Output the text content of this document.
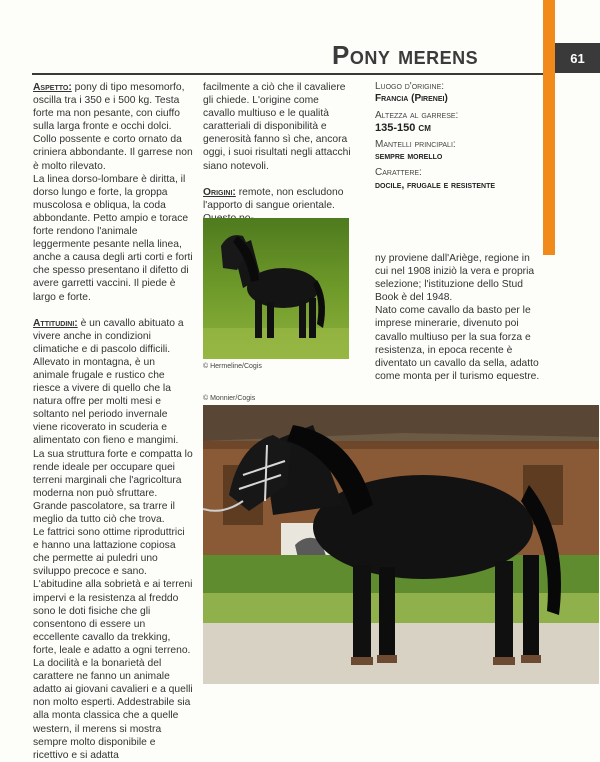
61
Pony merens

Aspetto: pony di tipo mesomorfo, oscilla tra i 350 e i 500 kg. Testa forte ma non pesante, con ciuffo sulla larga fronte e occhi dolci. Collo possente e corto ornato da criniera abbondante. Il garrese non è molto rilevato.

La linea dorso-lombare è diritta, il dorso lungo e forte, la groppa muscolosa e obliqua, la coda abbondante. Petto ampio e torace forte rendono l'animale leggermente pesante nella linea, anche a causa degli arti corti e forti che spesso presentano il difetto di avere garretti vaccini. Il piede è largo e forte.

Attitudini: è un cavallo abituato a vivere anche in condizioni climatiche e di pascolo difficili. Allevato in montagna, è un animale frugale e rustico che riesce a vivere di quello che la natura offre per molti mesi e soltanto nel periodo invernale viene ricoverato in scuderia e alimentato con fieno e mangimi.

La sua struttura forte e compatta lo rende ideale per occupare quei terreni marginali che l'agricoltura moderna non può sfruttare. Grande pascolatore, sa trarre il meglio da tutto ciò che trova.

Le fattrici sono ottime riproduttrici e hanno una lattazione copiosa che permette ai puledri uno sviluppo precoce e sano. L'abitudine alla sobrietà e ai terreni impervi e la resistenza al freddo sono le doti fisiche che gli consentono di essere un eccellente cavallo da trekking, forte, leale e adatto a ogni terreno. La docilità e la bonarietà del carattere ne fanno un animale adatto ai giovani cavalieri e a quelli non molto esperti. Addestrabile sia alla monta classica che a quelle western, il merens si mostra sempre molto disponibile e ricettivo e si adatta

facilmente a ciò che il cavaliere gli chiede. L'origine come cavallo multiuso e le qualità caratteriali di disponibilità e generosità fanno sì che, ancora oggi, i suoi risultati negli attacchi siano notevoli.

Origini: remote, non escludono l'apporto di sangue orientale.

Luogo d'origine:
Francia (Pirenei)
Altezza al garrese:
135-150 cm
Mantelli principali:
sempre morello
Carattere:
docile, frugale e resistente

ny proviene dall'Ariège, regione in cui nel 1908 iniziò la vera e propria selezione; l'istituzione dello Stud Book è del 1948.

Nato come cavallo da basto per le imprese minerarie, divenuto poi cavallo multiuso per la sua forza e resistenza, in epoca recente è diventato un cavallo da sella, adatto come monta per il turismo equestre.

© Hermeline/Cogis
© Monnier/Cogis
